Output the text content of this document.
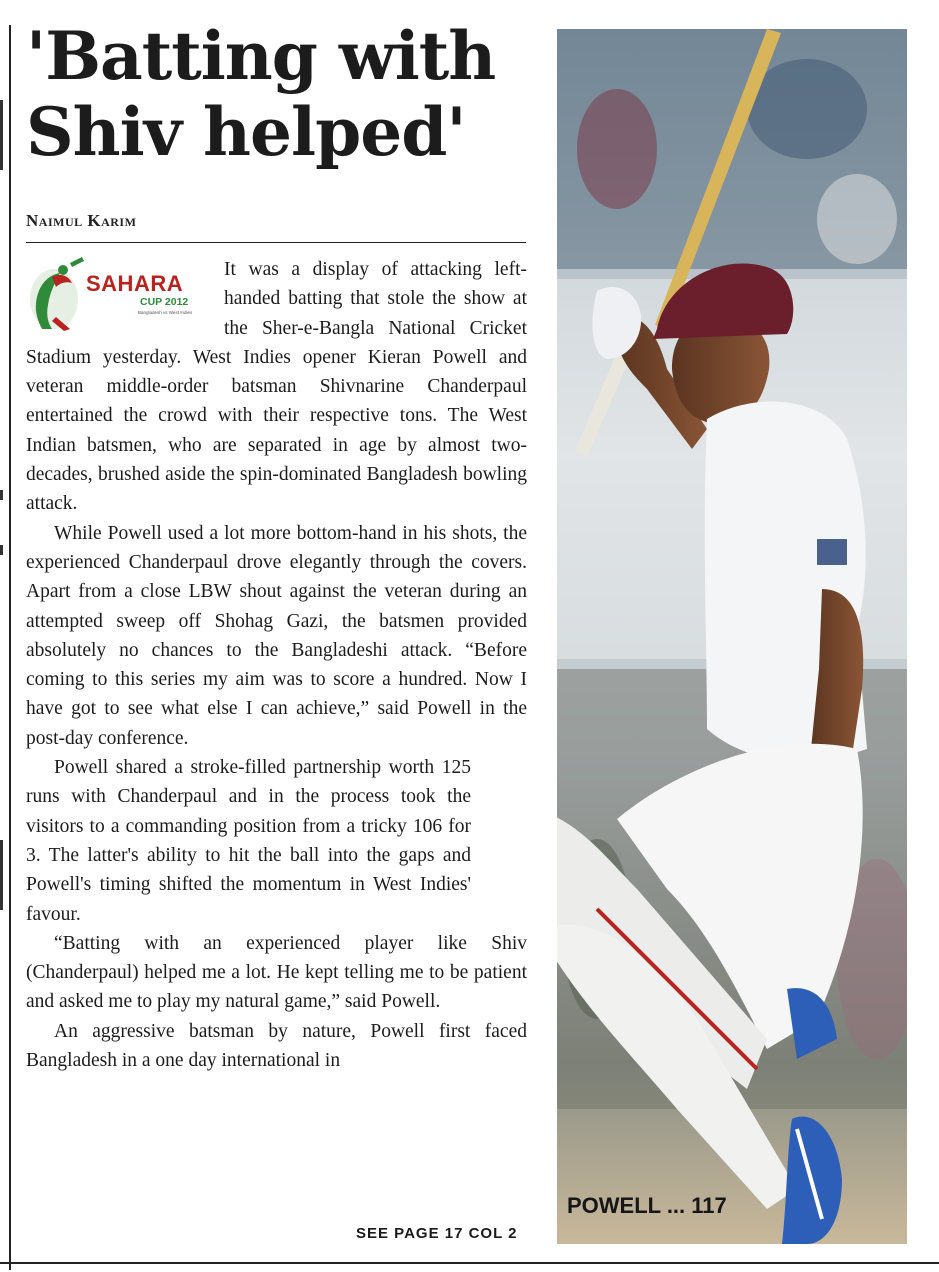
'Batting with Shiv helped'
Naimul Karim
SAHARA
CUP 2012
Bangladesh vs West Indies

It was a display of attacking left-handed batting that stole the show at the Sher-e-Bangla National Cricket Stadium yesterday. West Indies opener Kieran Powell and veteran middle-order batsman Shivnarine Chanderpaul entertained the crowd with their respective tons. The West Indian batsmen, who are separated in age by almost two-decades, brushed aside the spin-dominated Bangladesh bowling attack.

While Powell used a lot more bottom-hand in his shots, the experienced Chanderpaul drove elegantly through the covers. Apart from a close LBW shout against the veteran during an attempted sweep off Shohag Gazi, the batsmen provided absolutely no chances to the Bangladeshi attack. “Before coming to this series my aim was to score a hundred. Now I have got to see what else I can achieve,” said Powell in the post-day conference.

Powell shared a stroke-filled partnership worth 125 runs with Chanderpaul and in the process took the visitors to a commanding position from a tricky 106 for 3. The latter's ability to hit the ball into the gaps and Powell's timing shifted the momentum in West Indies' favour.

“Batting with an experienced player like Shiv (Chanderpaul) helped me a lot. He kept telling me to be patient and asked me to play my natural game,” said Powell.

An aggressive batsman by nature, Powell first faced Bangladesh in a one day international in

SEE PAGE 17 COL 2
POWELL ... 117
